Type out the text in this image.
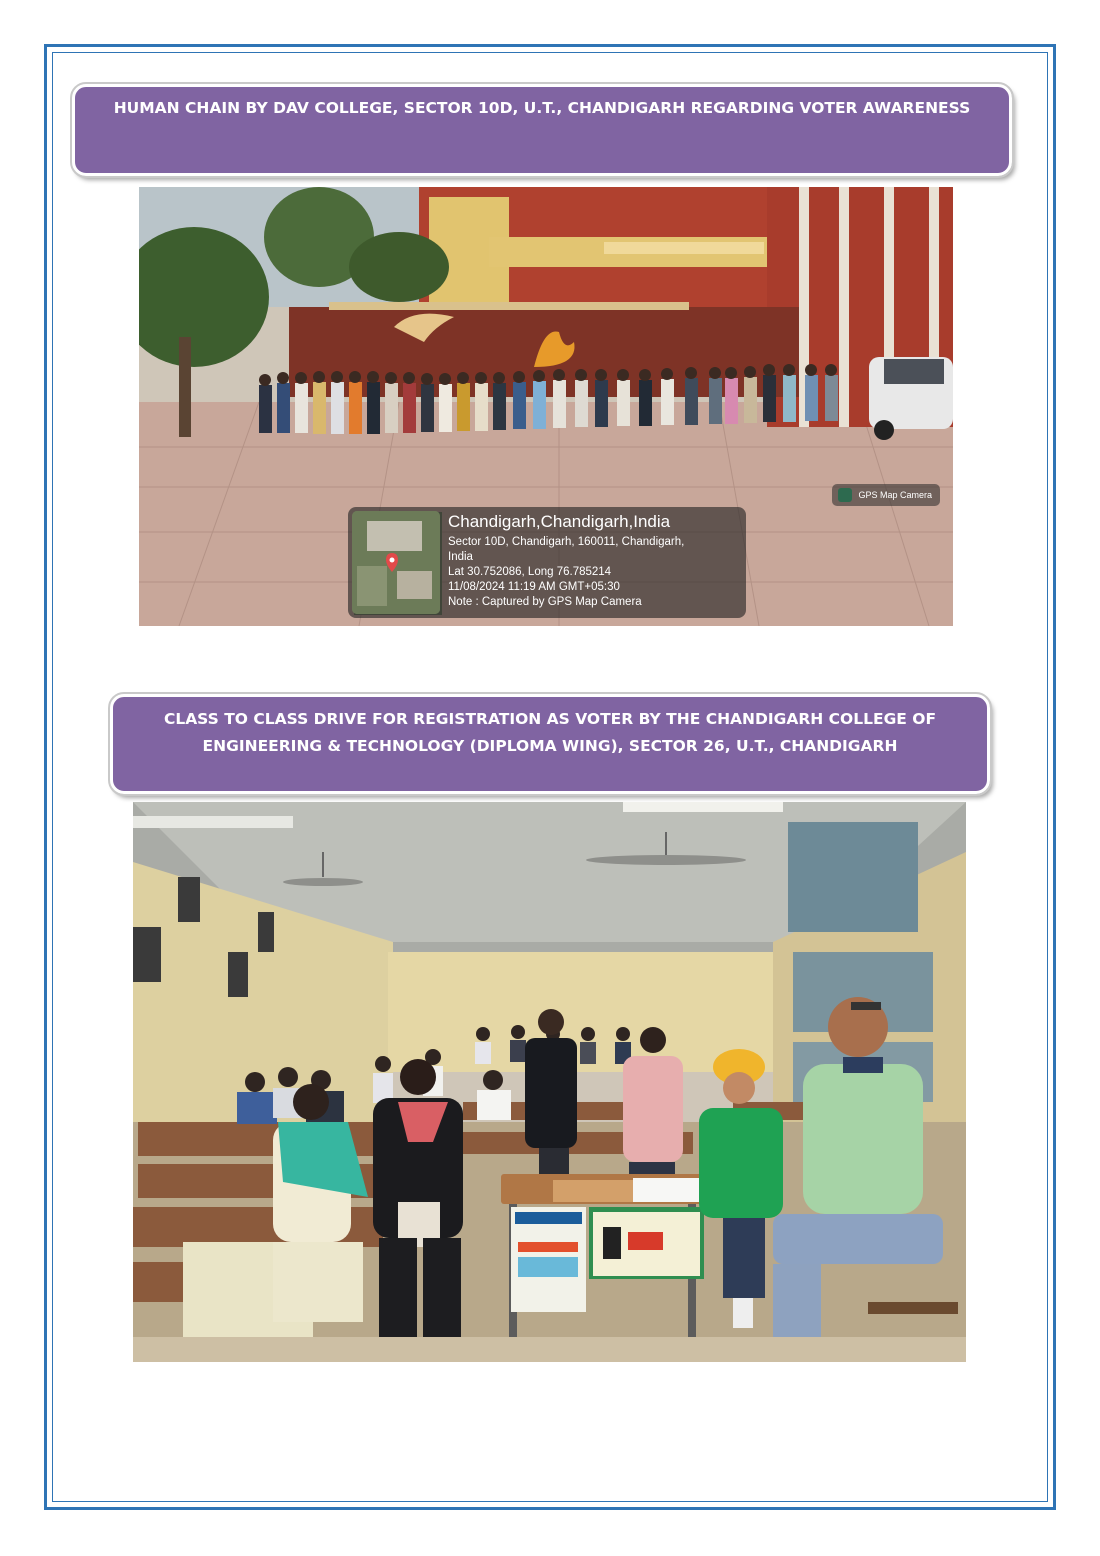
HUMAN CHAIN BY DAV COLLEGE, SECTOR 10D, U.T., CHANDIGARH REGARDING VOTER AWARENESS
GPS Map Camera
Chandigarh,Chandigarh,India
Sector 10D, Chandigarh, 160011, Chandigarh,
India
Lat 30.752086, Long 76.785214
11/08/2024 11:19 AM GMT+05:30
Note : Captured by GPS Map Camera
CLASS TO CLASS DRIVE FOR REGISTRATION AS VOTER BY THE CHANDIGARH COLLEGE OF
ENGINEERING & TECHNOLOGY (DIPLOMA WING), SECTOR 26, U.T., CHANDIGARH
